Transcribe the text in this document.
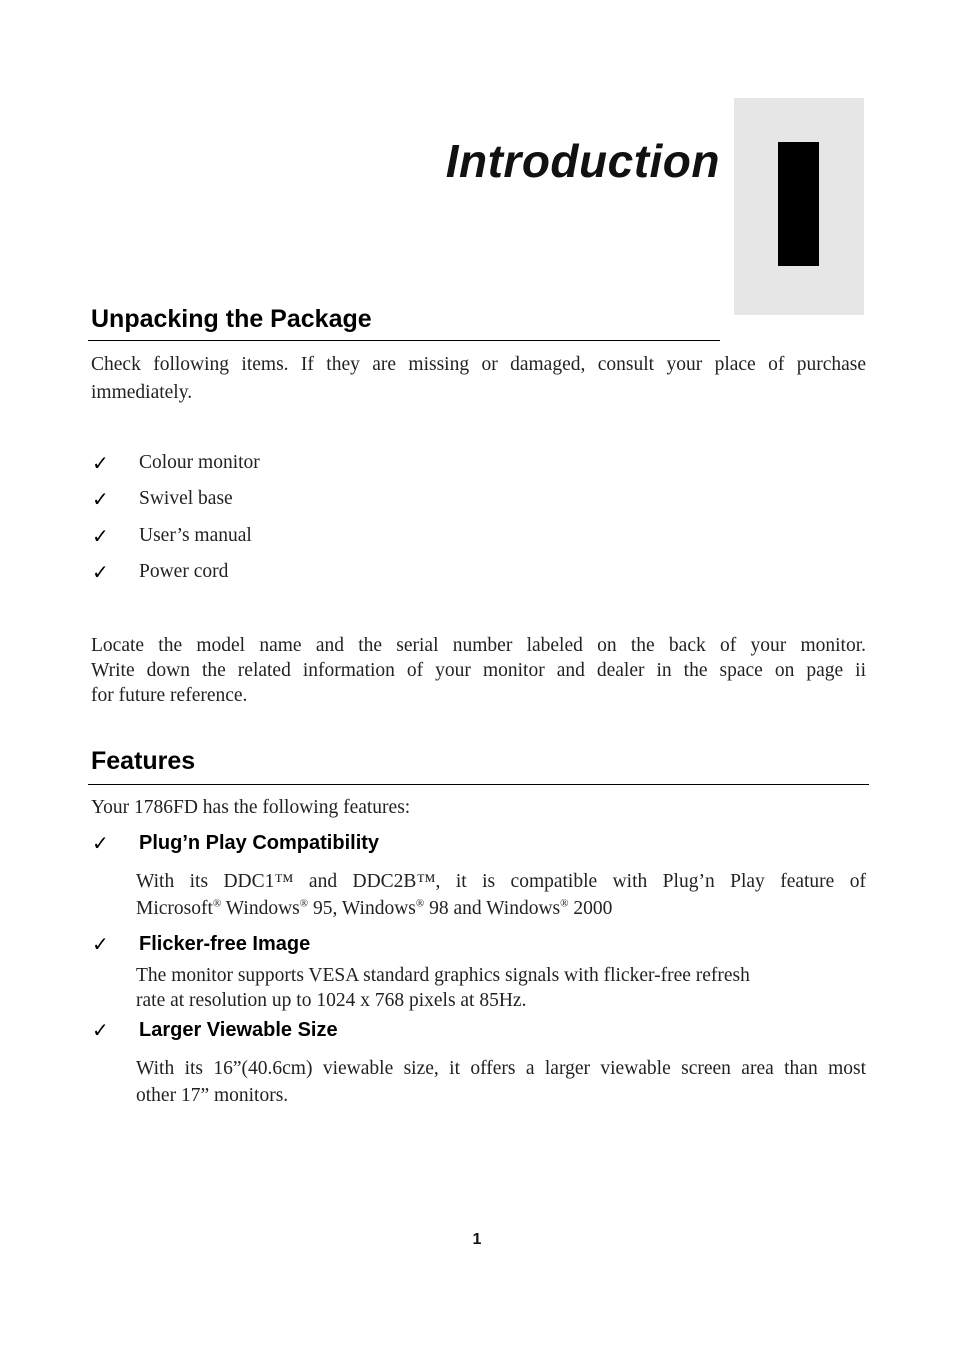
Introduction
Unpacking the Package
Check following items. If they are missing or damaged, consult your place of purchase
immediately.
✓ Colour monitor
✓ Swivel base
✓ User’s manual
✓ Power cord
Locate the model name and the serial number labeled on the back of your monitor.
Write down the related information of your monitor and dealer in the space on page ii
for future reference.
Features
Your 1786FD has the following features:
✓ Plug’n Play Compatibility
With its DDC1™ and DDC2B™, it is compatible with Plug’n Play feature of
Microsoft® Windows® 95, Windows® 98 and Windows® 2000
✓ Flicker-free Image
The monitor supports VESA standard graphics signals with flicker-free refresh
rate at resolution up to 1024 x 768 pixels at 85Hz.
✓ Larger Viewable Size
With its 16”(40.6cm) viewable size, it offers a larger viewable screen area than most
other 17” monitors.
1
